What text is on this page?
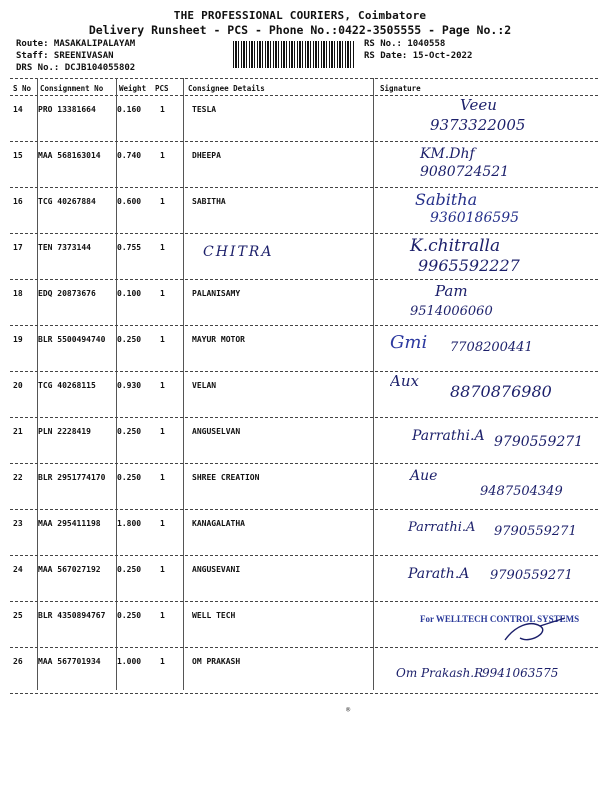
THE PROFESSIONAL COURIERS, Coimbatore
Delivery Runsheet - PCS - Phone No.:0422-3505555 - Page No.:2
Route: MASAKALIPALAYAM
Staff: SREENIVASAN
DRS No.: DCJB104055802
RS No.: 1040558
RS Date: 15-Oct-2022
S No Consignment No Weight PCS	Consignee Details	Signature
14 PRO 13381664	0.160 1	TESLA	Veeu
9373322005
15 MAA 568163014 0.740 1	DHEEPA	KM.Dhf
9080724521
16 TCG 40267884	0.600 1	SABITHA	Sabitha
9360186595
17 TEN 7373144	0.755 1	CHITRA	K.chitralla
9965592227
18 EDQ 20873676	0.100 1	PALANISAMY	Pam
9514006060
19 BLR 5500494740 0.250 1	MAYUR MOTOR	Gmi 7708200441
20 TCG 40268115	0.930 1	VELAN	Aux
8870876980
21 PLN 2228419	0.250 1	ANGUSELVAN	Parrathi.A 9790559271
22 BLR 2951774170 0.250 1	SHREE CREATION	Aue
9487504349
23 MAA 295411198 1.800 1	KANAGALATHA	Parrathi.A 9790559271
24 MAA 567027192 0.250 1	ANGUSEVANI	Parath.A 9790559271
25 BLR 4350894767 0.250 1	WELL TECH	For WELLTECH CONTROL SYSTEMS
26 MAA 567701934 1.000 1	OM PRAKASH
Om Prakash.R
9941063575
®
